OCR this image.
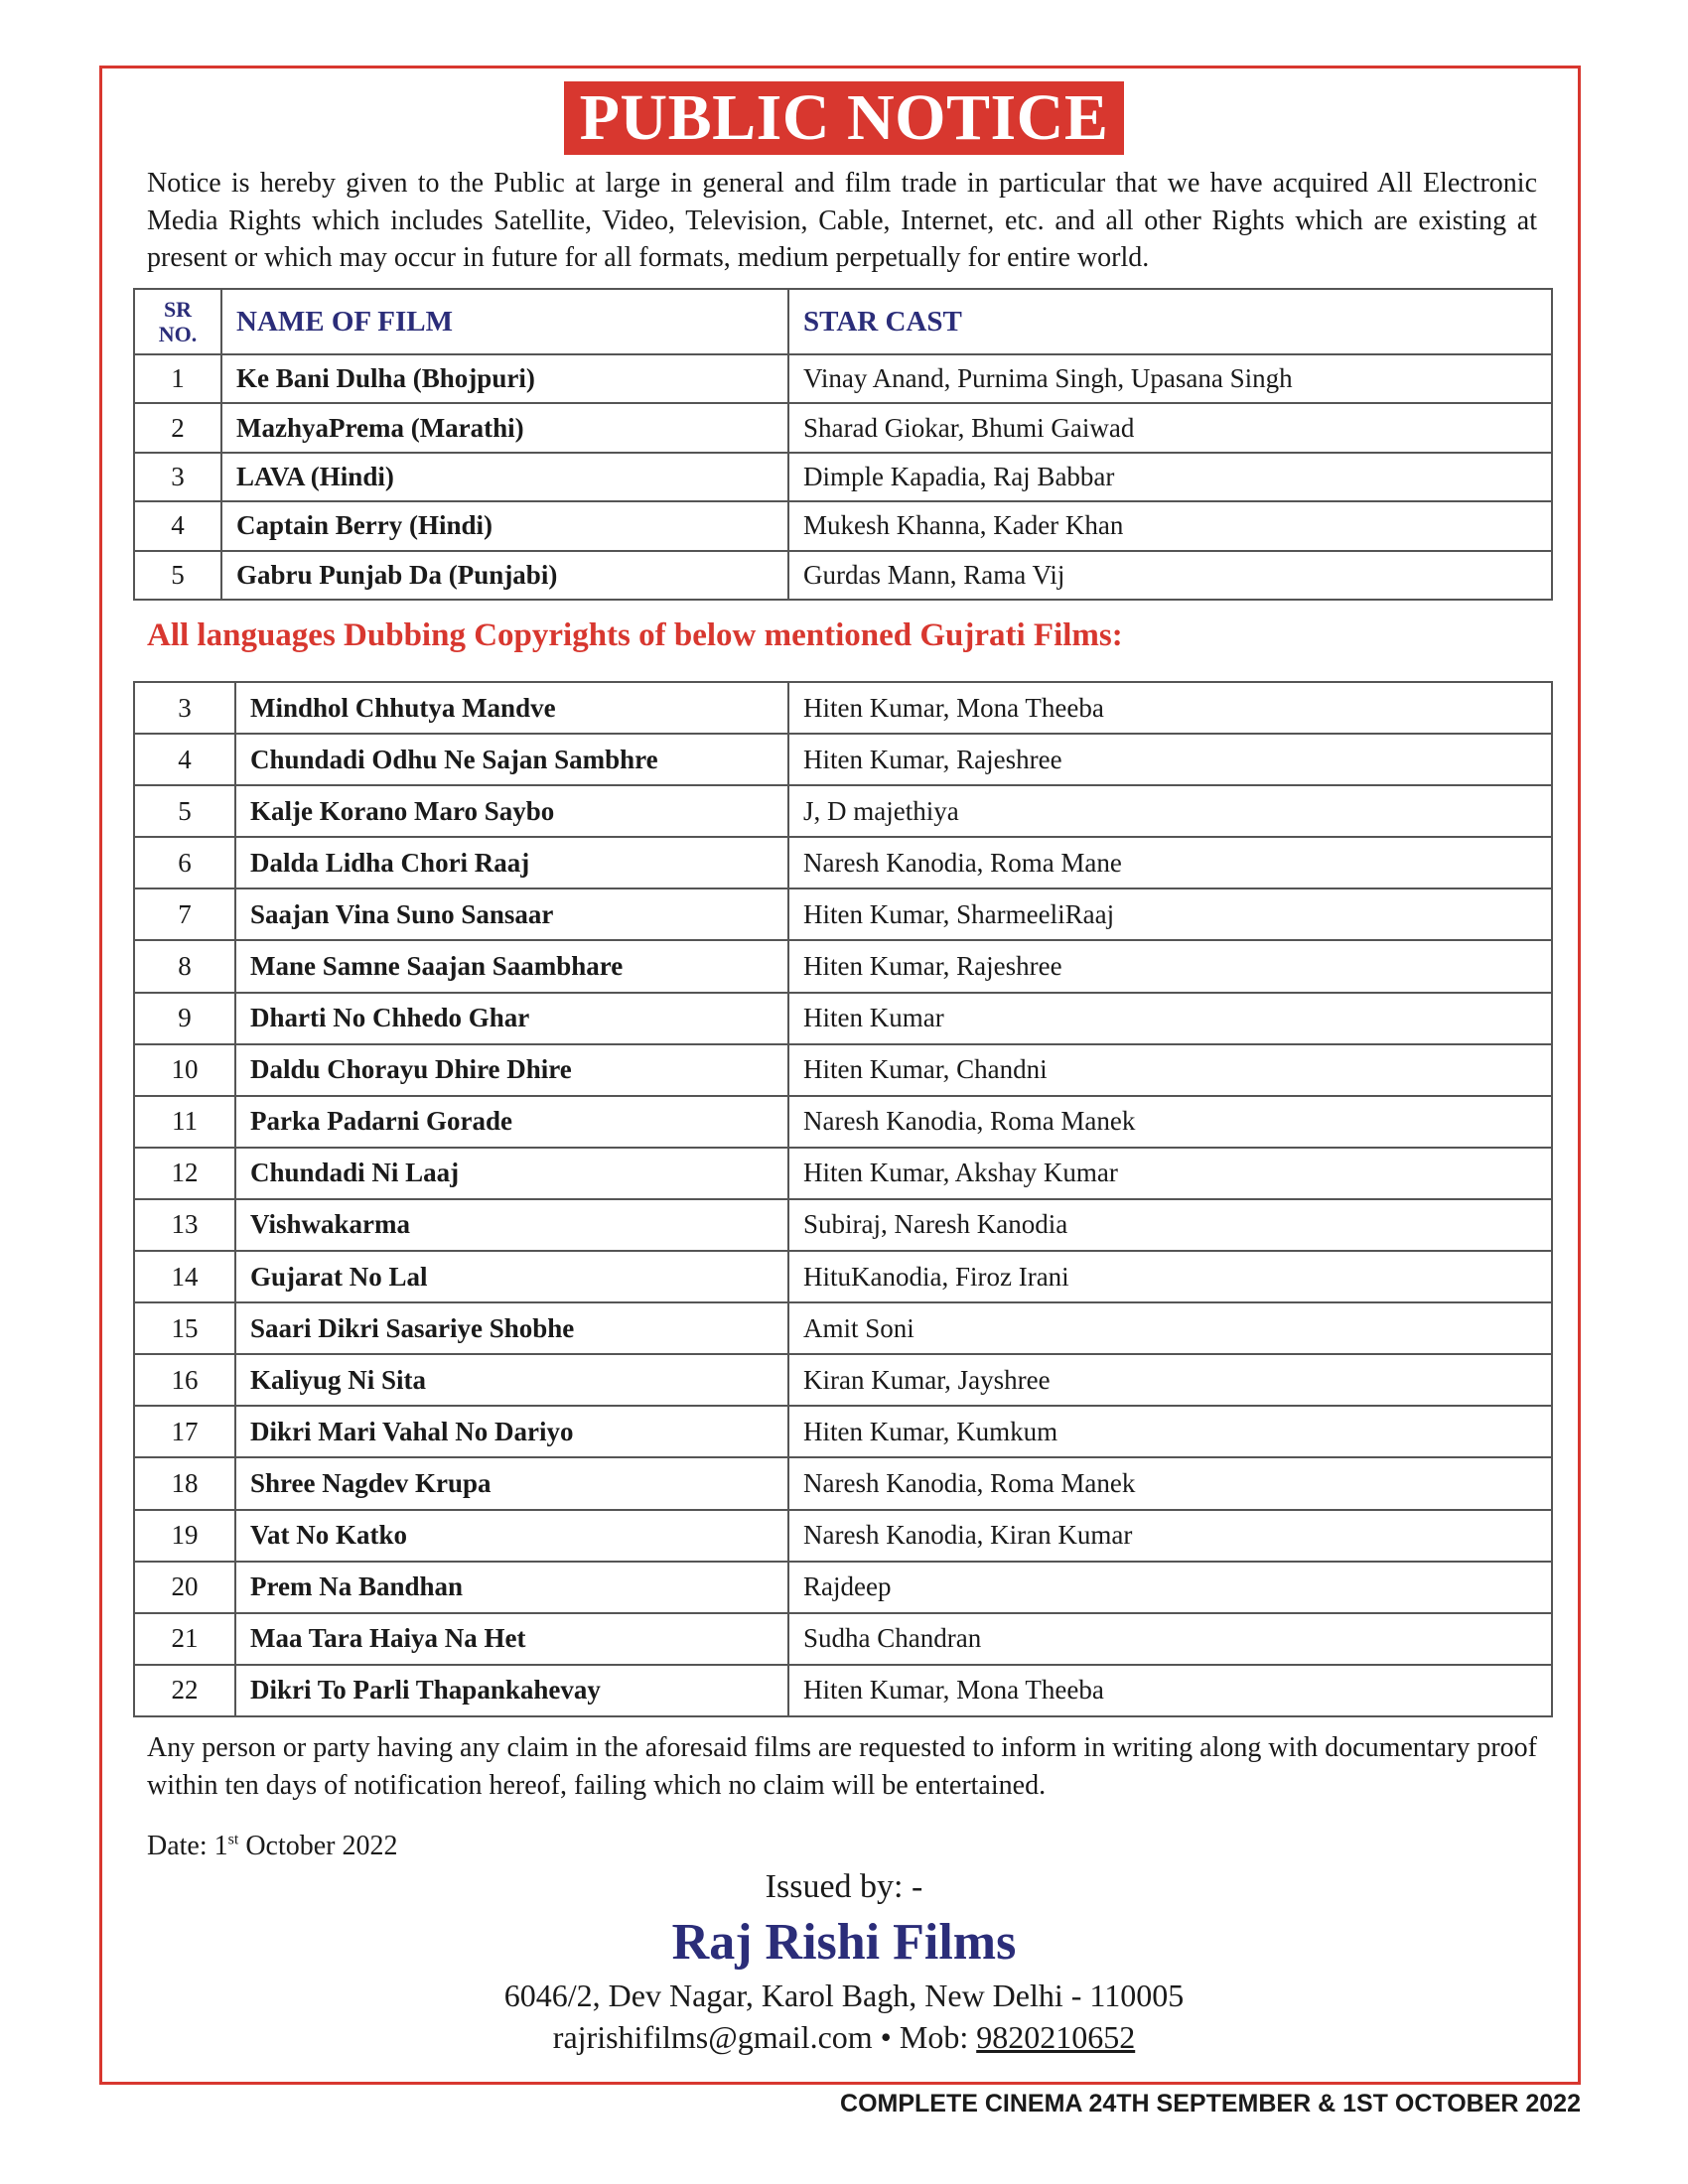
PUBLIC NOTICE
Notice is hereby given to the Public at large in general and film trade in particular that we have acquired All Electronic Media Rights which includes Satellite, Video, Television, Cable, Internet, etc. and all other Rights which are existing at present or which may occur in future for all formats, medium perpetually for entire world.
SR
NO.	NAME OF FILM	STAR CAST
1	Ke Bani Dulha (Bhojpuri)	Vinay Anand, Purnima Singh, Upasana Singh
2	MazhyaPrema (Marathi)	Sharad Giokar, Bhumi Gaiwad
3	LAVA (Hindi)	Dimple Kapadia, Raj Babbar
4	Captain Berry (Hindi)	Mukesh Khanna, Kader Khan
5	Gabru Punjab Da (Punjabi)	Gurdas Mann, Rama Vij
All languages Dubbing Copyrights of below mentioned Gujrati Films:
3	Mindhol Chhutya Mandve	Hiten Kumar, Mona Theeba
4	Chundadi Odhu Ne Sajan Sambhre	Hiten Kumar, Rajeshree
5	Kalje Korano Maro Saybo	J, D majethiya
6	Dalda Lidha Chori Raaj	Naresh Kanodia, Roma Mane
7	Saajan Vina Suno Sansaar	Hiten Kumar, SharmeeliRaaj
8	Mane Samne Saajan Saambhare	Hiten Kumar, Rajeshree
9	Dharti No Chhedo Ghar	Hiten Kumar
10	Daldu Chorayu Dhire Dhire	Hiten Kumar, Chandni
11	Parka Padarni Gorade	Naresh Kanodia, Roma Manek
12	Chundadi Ni Laaj	Hiten Kumar, Akshay Kumar
13	Vishwakarma	Subiraj, Naresh Kanodia
14	Gujarat No Lal	HituKanodia, Firoz Irani
15	Saari Dikri Sasariye Shobhe	Amit Soni
16	Kaliyug Ni Sita	Kiran Kumar, Jayshree
17	Dikri Mari Vahal No Dariyo	Hiten Kumar, Kumkum
18	Shree Nagdev Krupa	Naresh Kanodia, Roma Manek
19	Vat No Katko	Naresh Kanodia, Kiran Kumar
20	Prem Na Bandhan	Rajdeep
21	Maa Tara Haiya Na Het	Sudha Chandran
22	Dikri To Parli Thapankahevay	Hiten Kumar, Mona Theeba
Any person or party having any claim in the aforesaid films are requested to inform in writing along with documentary proof within ten days of notification hereof, failing which no claim will be entertained.
Date: 1st October 2022
Issued by: -
Raj Rishi Films
6046/2, Dev Nagar, Karol Bagh, New Delhi - 110005
rajrishifilms@gmail.com • Mob: 9820210652
COMPLETE CINEMA 24TH SEPTEMBER & 1ST OCTOBER 2022
